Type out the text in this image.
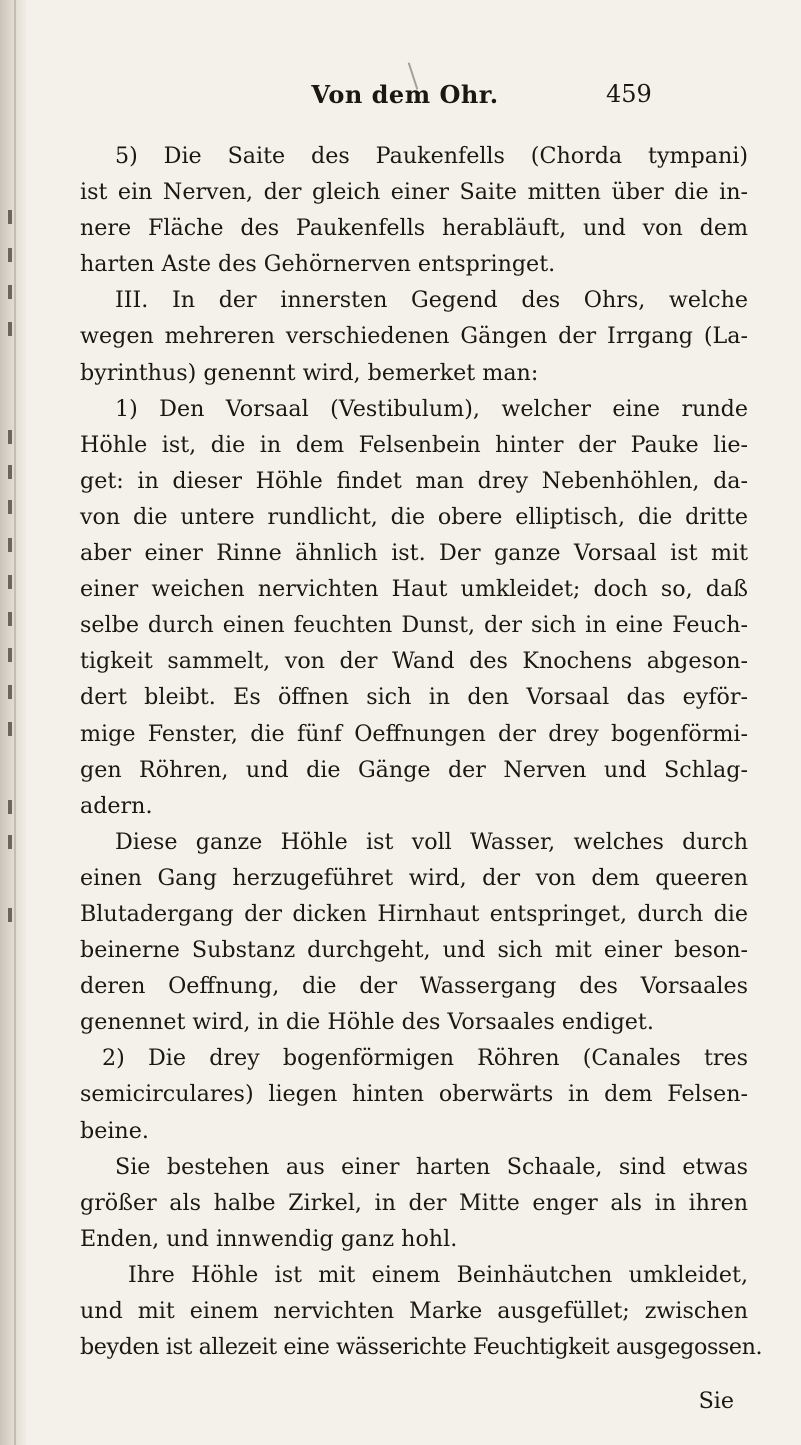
Von dem Ohr.	459
5) Die Saite des Paukenfells (Chorda tympani)
ist ein Nerven, der gleich einer Saite mitten über die in-
nere Fläche des Paukenfells herabläuft, und von dem
harten Aste des Gehörnerven entspringet.
III. In der innersten Gegend des Ohrs, welche
wegen mehreren verschiedenen Gängen der Irrgang (La-
byrinthus) genennt wird, bemerket man:
1) Den Vorsaal (Vestibulum), welcher eine runde
Höhle ist, die in dem Felsenbein hinter der Pauke lie-
get: in dieser Höhle findet man drey Nebenhöhlen, da-
von die untere rundlicht, die obere elliptisch, die dritte
aber einer Rinne ähnlich ist. Der ganze Vorsaal ist mit
einer weichen nervichten Haut umkleidet; doch so, daß
selbe durch einen feuchten Dunst, der sich in eine Feuch-
tigkeit sammelt, von der Wand des Knochens abgeson-
dert bleibt. Es öffnen sich in den Vorsaal das eyför-
mige Fenster, die fünf Oeffnungen der drey bogenförmi-
gen Röhren, und die Gänge der Nerven und Schlag-
adern.
Diese ganze Höhle ist voll Wasser, welches durch
einen Gang herzugeführet wird, der von dem queeren
Blutadergang der dicken Hirnhaut entspringet, durch die
beinerne Substanz durchgeht, und sich mit einer beson-
deren Oeffnung, die der Wassergang des Vorsaales
genennet wird, in die Höhle des Vorsaales endiget.
2) Die drey bogenförmigen Röhren (Canales tres
semicirculares) liegen hinten oberwärts in dem Felsen-
beine.
Sie bestehen aus einer harten Schaale, sind etwas
größer als halbe Zirkel, in der Mitte enger als in ihren
Enden, und innwendig ganz hohl.
Ihre Höhle ist mit einem Beinhäutchen umkleidet,
und mit einem nervichten Marke ausgefüllet; zwischen
beyden ist allezeit eine wässerichte Feuchtigkeit ausgegossen.
Sie
